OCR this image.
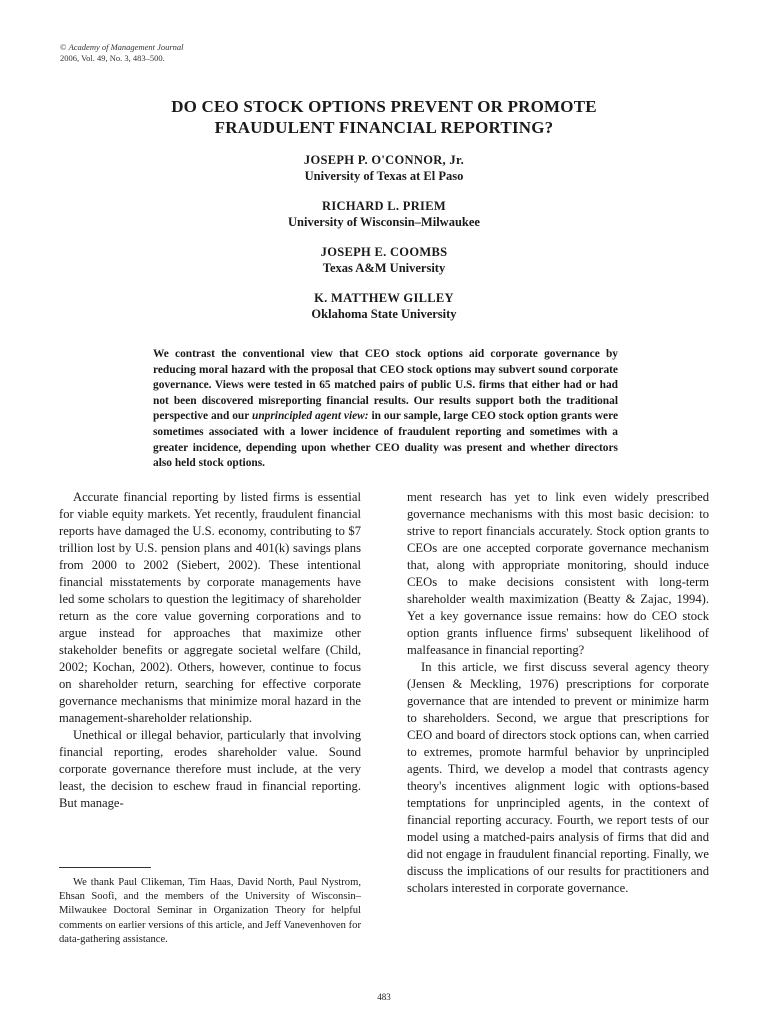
© Academy of Management Journal
2006, Vol. 49, No. 3, 483–500.
DO CEO STOCK OPTIONS PREVENT OR PROMOTE
FRAUDULENT FINANCIAL REPORTING?
JOSEPH P. O'CONNOR, Jr.
University of Texas at El Paso
RICHARD L. PRIEM
University of Wisconsin–Milwaukee
JOSEPH E. COOMBS
Texas A&M University
K. MATTHEW GILLEY
Oklahoma State University
We contrast the conventional view that CEO stock options aid corporate governance by reducing moral hazard with the proposal that CEO stock options may subvert sound corporate governance. Views were tested in 65 matched pairs of public U.S. firms that either had or had not been discovered misreporting financial results. Our results support both the traditional perspective and our unprincipled agent view: in our sample, large CEO stock option grants were sometimes associated with a lower incidence of fraudulent reporting and sometimes with a greater incidence, depending upon whether CEO duality was present and whether directors also held stock options.

Accurate financial reporting by listed firms is essential for viable equity markets. Yet recently, fraudulent financial reports have damaged the U.S. economy, contributing to $7 trillion lost by U.S. pension plans and 401(k) savings plans from 2000 to 2002 (Siebert, 2002). These intentional financial misstatements by corporate managements have led some scholars to question the legitimacy of shareholder return as the core value governing corporations and to argue instead for approaches that maximize other stakeholder benefits or aggregate societal welfare (Child, 2002; Kochan, 2002). Others, however, continue to focus on shareholder return, searching for effective corporate governance mechanisms that minimize moral hazard in the management-shareholder relationship.

Unethical or illegal behavior, particularly that involving financial reporting, erodes shareholder value. Sound corporate governance therefore must include, at the very least, the decision to eschew fraud in financial reporting. But manage-

ment research has yet to link even widely prescribed governance mechanisms with this most basic decision: to strive to report financials accurately. Stock option grants to CEOs are one accepted corporate governance mechanism that, along with appropriate monitoring, should induce CEOs to make decisions consistent with long-term shareholder wealth maximization (Beatty & Zajac, 1994). Yet a key governance issue remains: how do CEO stock option grants influence firms' subsequent likelihood of malfeasance in financial reporting?

In this article, we first discuss several agency theory (Jensen & Meckling, 1976) prescriptions for corporate governance that are intended to prevent or minimize harm to shareholders. Second, we argue that prescriptions for CEO and board of directors stock options can, when carried to extremes, promote harmful behavior by unprincipled agents. Third, we develop a model that contrasts agency theory's incentives alignment logic with options-based temptations for unprincipled agents, in the context of financial reporting accuracy. Fourth, we report tests of our model using a matched-pairs analysis of firms that did and did not engage in fraudulent financial reporting. Finally, we discuss the implications of our results for practitioners and scholars interested in corporate governance.

We thank Paul Clikeman, Tim Haas, David North, Paul Nystrom, Ehsan Soofi, and the members of the University of Wisconsin–Milwaukee Doctoral Seminar in Organization Theory for helpful comments on earlier versions of this article, and Jeff Vanevenhoven for data-gathering assistance.
483
